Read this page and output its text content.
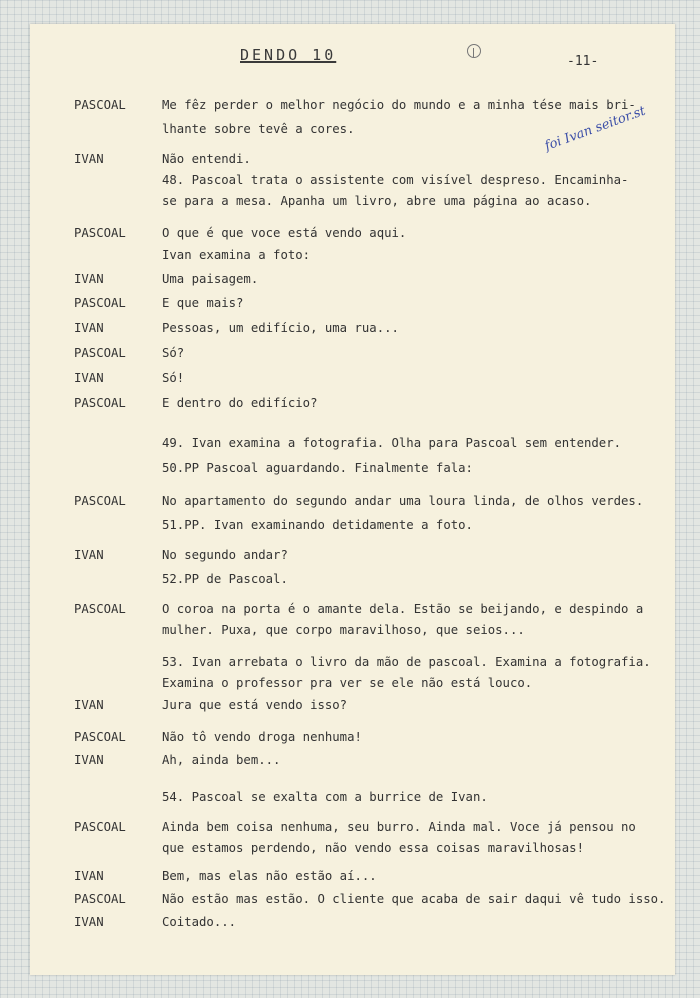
DENDO 10	-11-
foi Ivan seitor.st
PASCOAL	Me fêz perder o melhor negócio do mundo e a minha tése mais bri-
lhante sobre tevê a cores.
IVAN	Não entendi.
48. Pascoal trata o assistente com visível despreso. Encaminha-
se para a mesa. Apanha um livro, abre uma página ao acaso.
PASCOAL	O que é que voce está vendo aqui.
Ivan examina a foto:
IVAN	Uma paisagem.
PASCOAL	E que mais?
IVAN	Pessoas, um edifício, uma rua...
PASCOAL	Só?
IVAN	Só!
PASCOAL	E dentro do edifício?
49. Ivan examina a fotografia. Olha para Pascoal sem entender.
50.PP Pascoal aguardando. Finalmente fala:
PASCOAL	No apartamento do segundo andar uma loura linda, de olhos verdes.
51.PP. Ivan examinando detidamente a foto.
IVAN	No segundo andar?
52.PP de Pascoal.
PASCOAL	O coroa na porta é o amante dela. Estão se beijando, e despindo a
mulher. Puxa, que corpo maravilhoso, que seios...
53. Ivan arrebata o livro da mão de pascoal. Examina a fotografia.
Examina o professor pra ver se ele não está louco.
IVAN	Jura que está vendo isso?
PASCOAL	Não tô vendo droga nenhuma!
IVAN	Ah, ainda bem...
54. Pascoal se exalta com a burrice de Ivan.
PASCOAL	Ainda bem coisa nenhuma, seu burro. Ainda mal. Voce já pensou no
que estamos perdendo, não vendo essa coisas maravilhosas!
IVAN	Bem, mas elas não estão aí...
PASCOAL	Não estão mas estão. O cliente que acaba de sair daqui vê tudo isso.
IVAN	Coitado...
